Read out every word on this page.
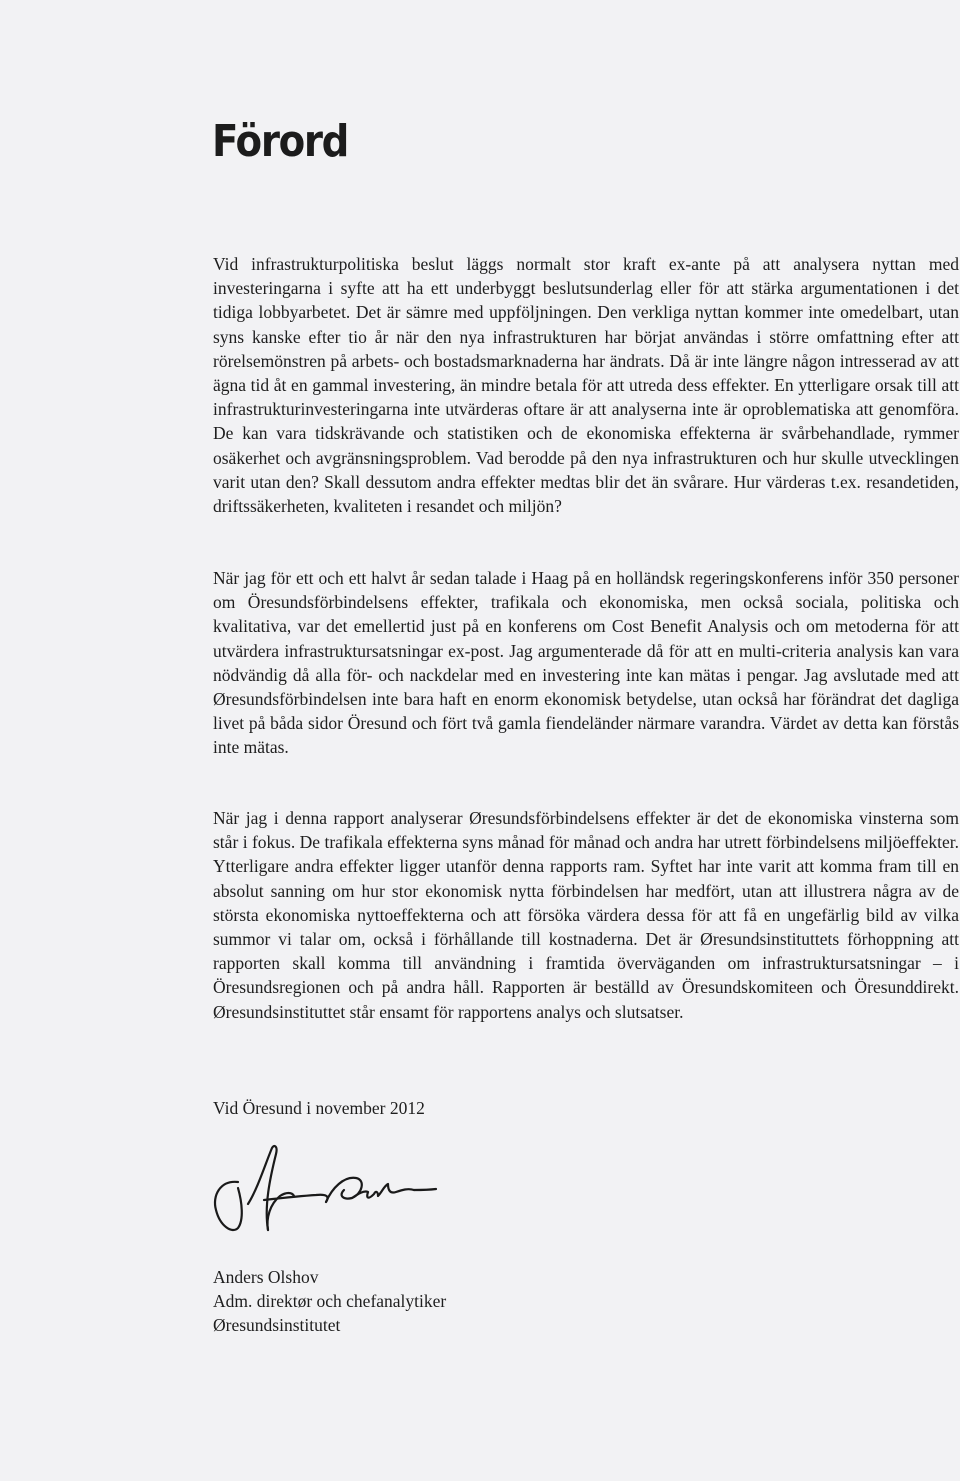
Förord

Vid infrastrukturpolitiska beslut läggs normalt stor kraft ex-ante på att analysera nyttan med investeringarna i syfte att ha ett underbyggt beslutsunderlag eller för att stärka argumentationen i det tidiga lobbyarbetet. Det är sämre med uppföljningen. Den verkliga nyttan kommer inte omedelbart, utan syns kanske efter tio år när den nya infrastrukturen har börjat användas i större omfattning efter att rörelsemönstren på arbets- och bostadsmarknaderna har ändrats. Då är inte längre någon intresserad av att ägna tid åt en gammal investering, än mindre betala för att utreda dess effekter. En ytterligare orsak till att infrastrukturinvesteringarna inte utvärderas oftare är att analyserna inte är oproblematiska att genomföra. De kan vara tidskrävande och statistiken och de ekonomiska effekterna är svårbehandlade, rymmer osäkerhet och avgränsningsproblem. Vad berodde på den nya infrastrukturen och hur skulle utvecklingen varit utan den? Skall dessutom andra effekter medtas blir det än svårare. Hur värderas t.ex. resandetiden, driftssäkerheten, kvaliteten i resandet och miljön?

När jag för ett och ett halvt år sedan talade i Haag på en holländsk regeringskonferens inför 350 personer om Öresundsförbindelsens effekter, trafikala och ekonomiska, men också sociala, politiska och kvalitativa, var det emellertid just på en konferens om Cost Benefit Analysis och om metoderna för att utvärdera infrastruktursatsningar ex-post. Jag argumenterade då för att en multi-criteria analysis kan vara nödvändig då alla för- och nackdelar med en investering inte kan mätas i pengar. Jag avslutade med att Øresundsförbindelsen inte bara haft en enorm ekonomisk betydelse, utan också har förändrat det dagliga livet på båda sidor Öresund och fört två gamla fiendeländer närmare varandra. Värdet av detta kan förstås inte mätas.

När jag i denna rapport analyserar Øresundsförbindelsens effekter är det de ekonomiska vinsterna som står i fokus. De trafikala effekterna syns månad för månad och andra har utrett förbindelsens miljöeffekter. Ytterligare andra effekter ligger utanför denna rapports ram. Syftet har inte varit att komma fram till en absolut sanning om hur stor ekonomisk nytta förbindelsen har medfört, utan att illustrera några av de största ekonomiska nyttoeffekterna och att försöka värdera dessa för att få en ungefärlig bild av vilka summor vi talar om, också i förhållande till kostnaderna. Det är Øresundsinstituttets förhoppning att rapporten skall komma till användning i framtida överväganden om infrastruktursatsningar – i Öresundsregionen och på andra håll. Rapporten är beställd av Öresundskomiteen och Öresunddirekt. Øresundsinstituttet står ensamt för rapportens analys och slutsatser.

Vid Öresund i november 2012

Anders Olshov
Adm. direktør och chefanalytiker
Øresundsinstitutet
